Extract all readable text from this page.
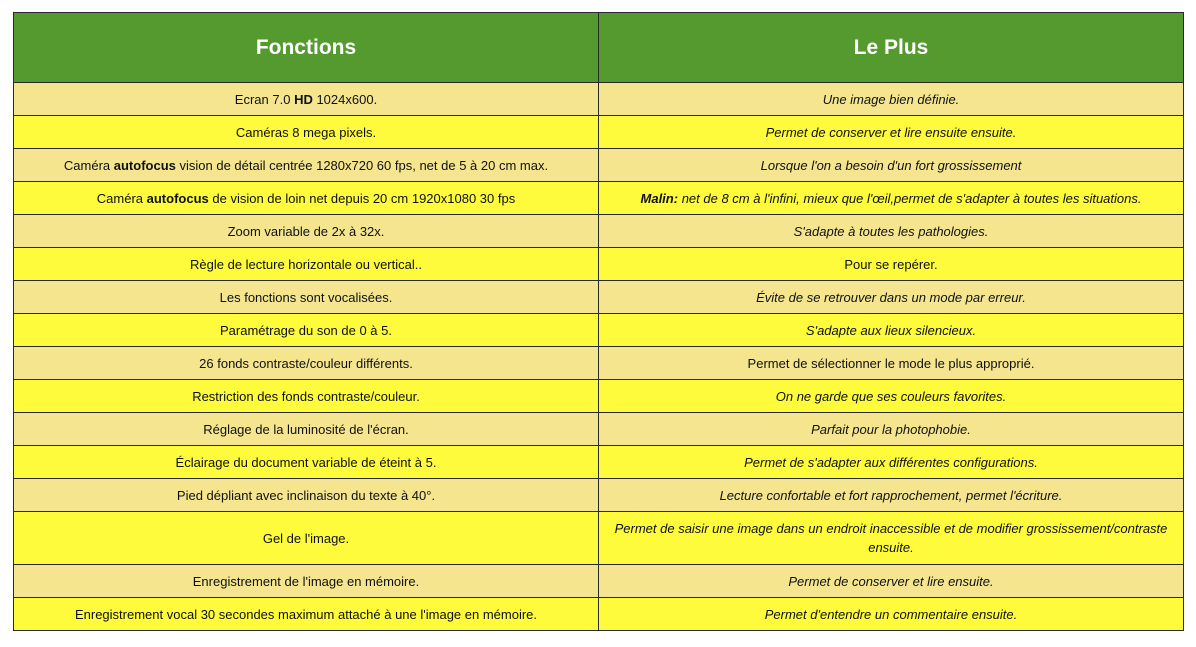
Fonctions	Le Plus
Ecran 7.0 HD 1024x600.	Une image bien définie.
Caméras 8 mega pixels.	Permet de conserver et lire ensuite ensuite.
Caméra autofocus vision de détail centrée 1280x720 60 fps, net de 5 à 20 cm max.	Lorsque l'on a besoin d'un fort grossissement
Caméra autofocus de vision de loin net depuis 20 cm 1920x1080 30 fps	Malin: net de 8 cm à l'infini, mieux que l'œil,permet de s'adapter à toutes les situations.
Zoom variable de 2x à 32x.	S'adapte à toutes les pathologies.
Règle de lecture horizontale ou vertical..	Pour se repérer.
Les fonctions sont vocalisées.	Évite de se retrouver dans un mode par erreur.
Paramétrage du son de 0 à 5.	S'adapte aux lieux silencieux.
26 fonds contraste/couleur différents.	Permet de sélectionner le mode le plus approprié.
Restriction des fonds contraste/couleur.	On ne garde que ses couleurs favorites.
Réglage de la luminosité de l'écran.	Parfait pour la photophobie.
Éclairage du document variable de éteint à 5.	Permet de s'adapter aux différentes configurations.
Pied dépliant avec inclinaison du texte à 40°.	Lecture confortable et fort rapprochement, permet l'écriture.
Gel de l'image.	Permet de saisir une image dans un endroit inaccessible et de modifier grossissement/contraste ensuite.
Enregistrement de l'image en mémoire.	Permet de conserver et lire ensuite.
Enregistrement vocal 30 secondes maximum attaché à une l'image en mémoire.	Permet d'entendre un commentaire ensuite.
